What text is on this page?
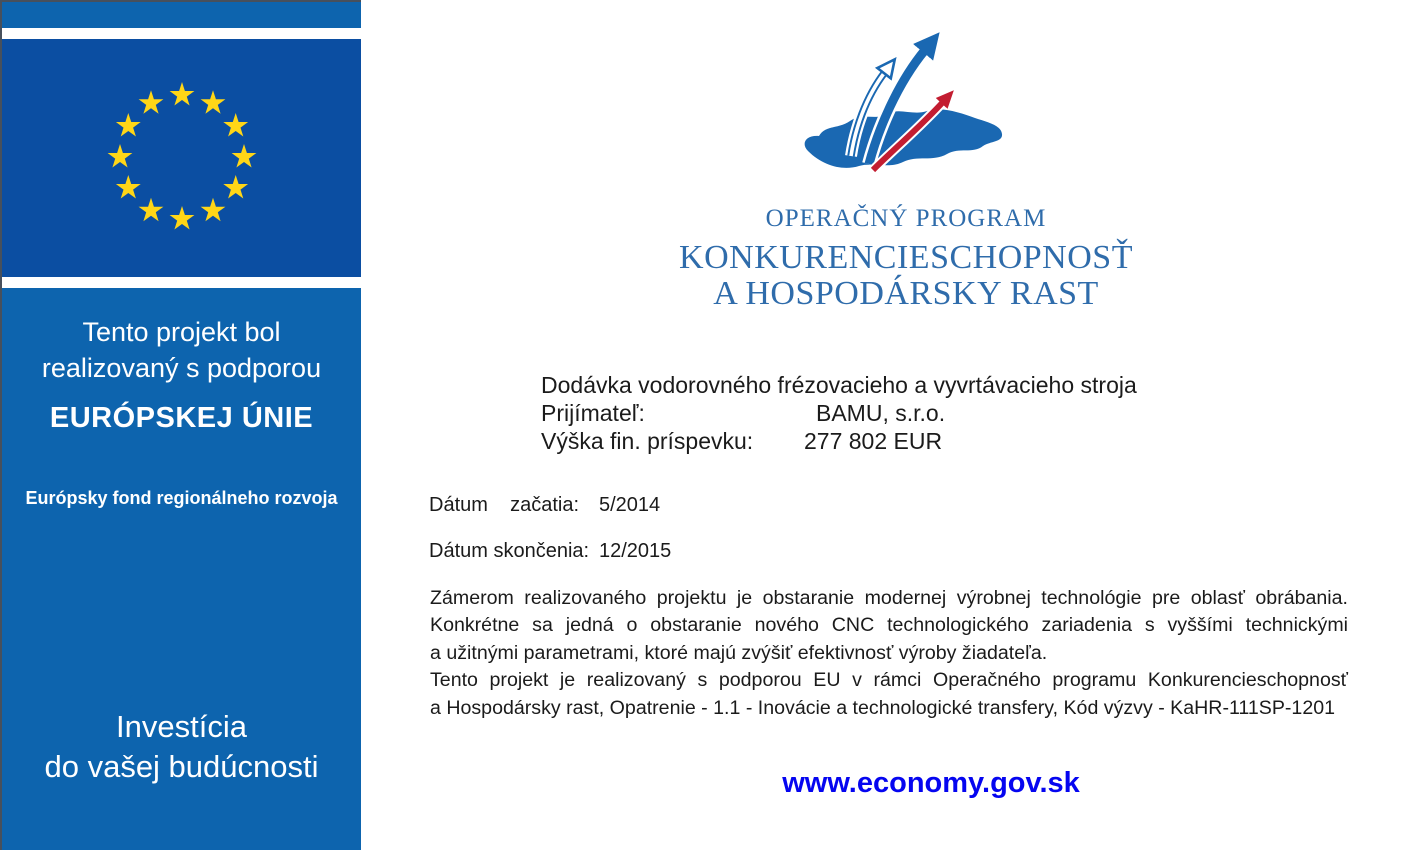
Tento projekt bol
realizovaný s podporou
EURÓPSKEJ ÚNIE
Európsky fond regionálneho rozvoja
Investícia
do vašej budúcnosti
OPERAČNÝ PROGRAM
KONKURENCIESCHOPNOSŤ
A HOSPODÁRSKY RAST
Dodávka vodorovného frézovacieho a vyvrtávacieho stroja
Prijímateľ:	BAMU, s.r.o.
Výška fin. príspevku: 277 802 EUR
Dátum    začatia: 5/2014
Dátum skončenia: 12/2015
Zámerom realizovaného projektu je obstaranie modernej výrobnej technológie pre oblasť obrábania.
Konkrétne sa jedná o obstaranie nového CNC technologického zariadenia s vyššími technickými
a užitnými parametrami, ktoré majú zvýšiť efektivnosť výroby žiadateľa.
Tento projekt je realizovaný s podporou EU v rámci Operačného programu Konkurencieschopnosť
a Hospodársky rast, Opatrenie - 1.1 - Inovácie a technologické transfery, Kód výzvy - KaHR-111SP-1201
www.economy.gov.sk
